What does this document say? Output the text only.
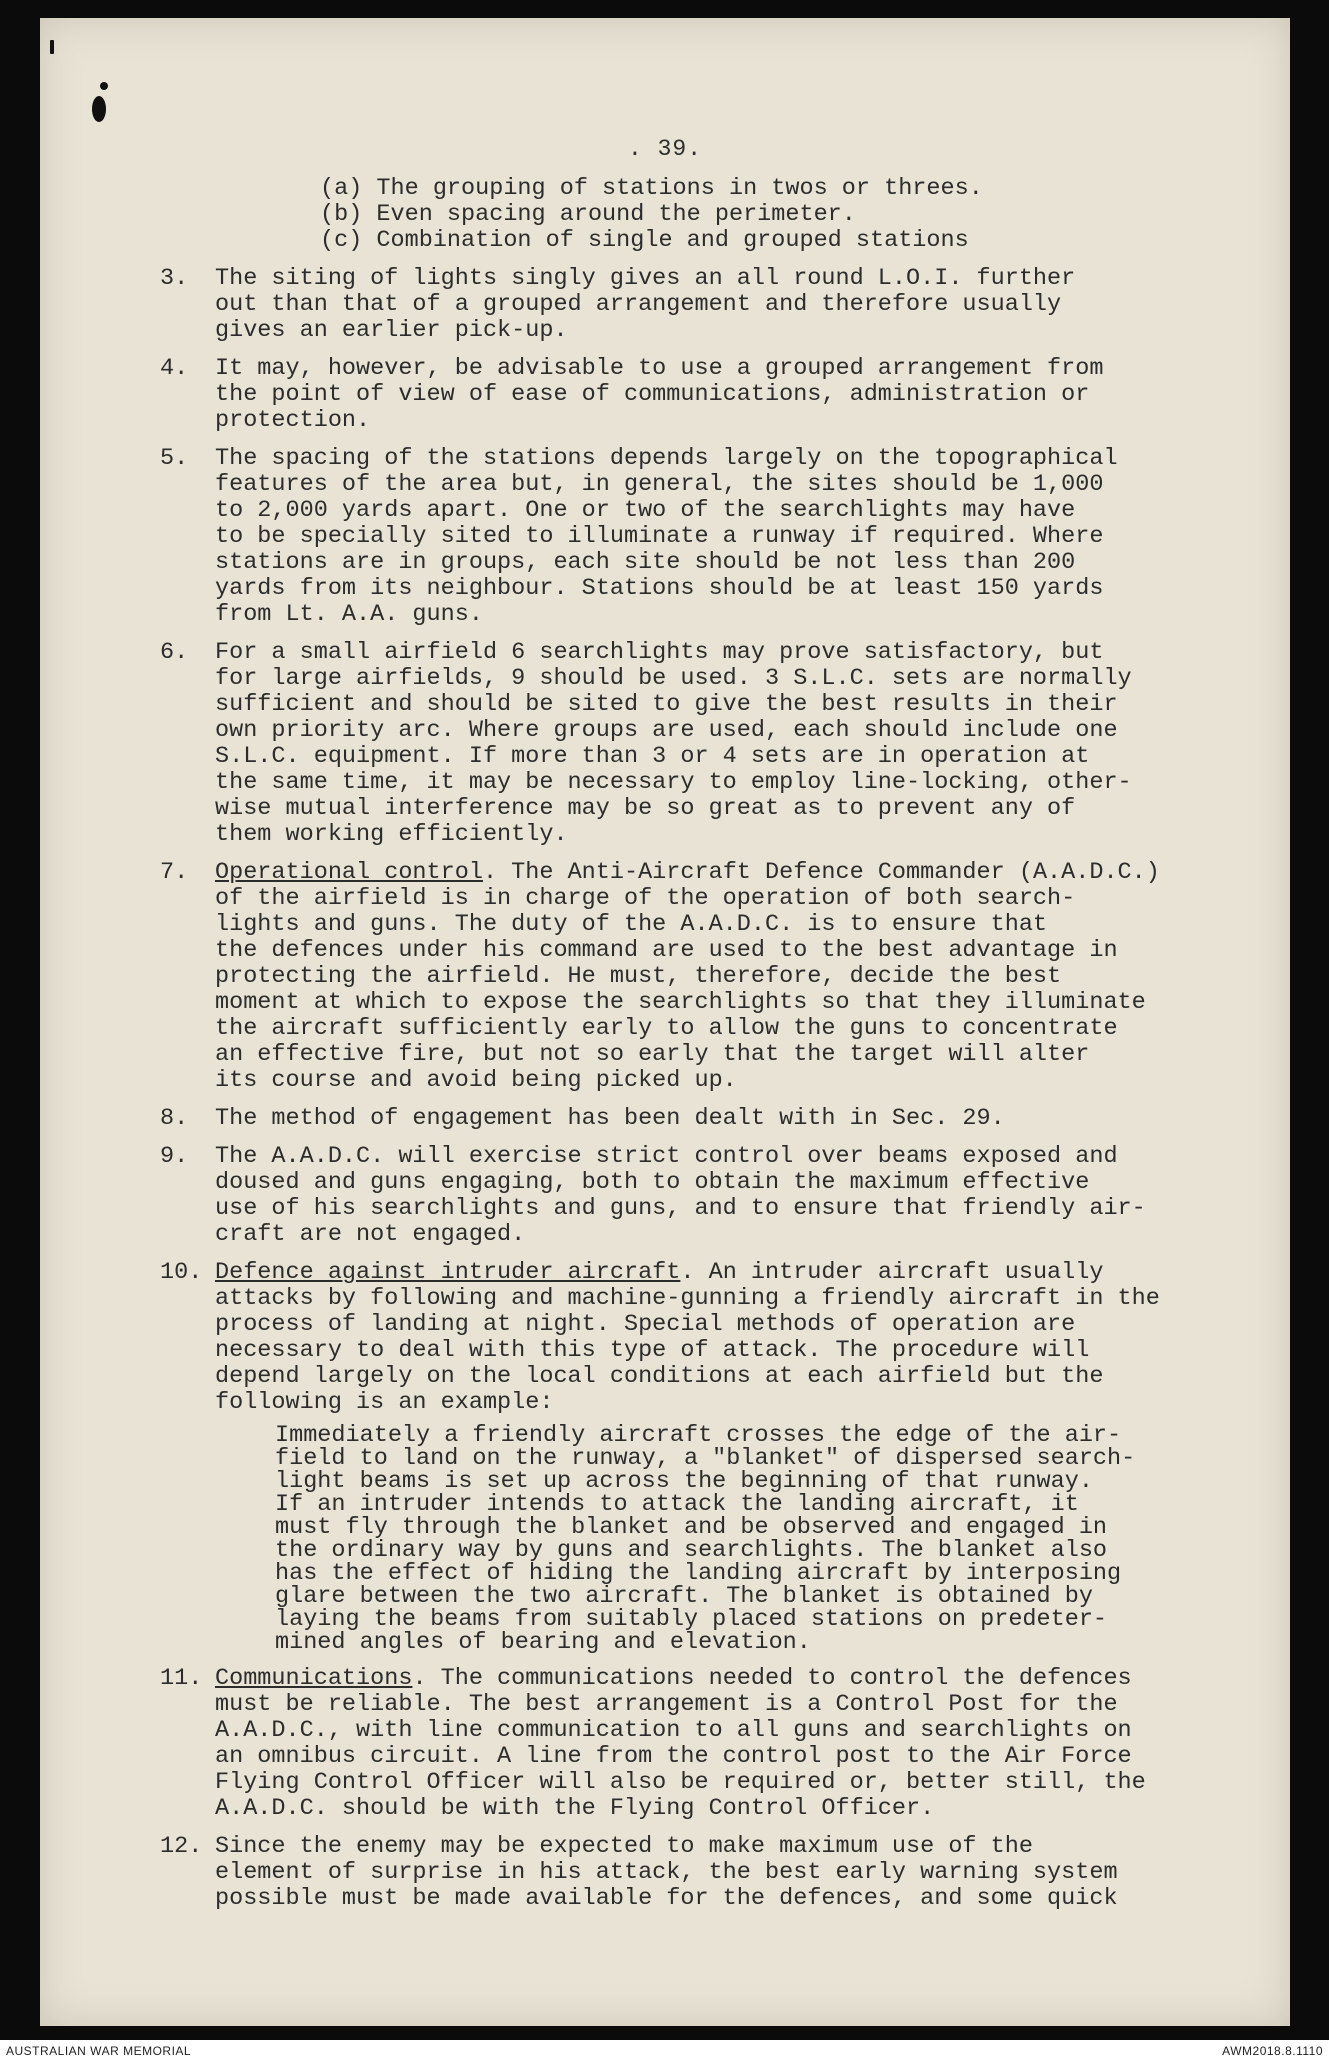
. 39.
(a) The grouping of stations in twos or threes.
(b) Even spacing around the perimeter.
(c) Combination of single and grouped stations
3. The siting of lights singly gives an all round L.O.I. further
out than that of a grouped arrangement and therefore usually
gives an earlier pick-up.
4. It may, however, be advisable to use a grouped arrangement from
the point of view of ease of communications, administration or
protection.
5. The spacing of the stations depends largely on the topographical
features of the area but, in general, the sites should be 1,000
to 2,000 yards apart. One or two of the searchlights may have
to be specially sited to illuminate a runway if required. Where
stations are in groups, each site should be not less than 200
yards from its neighbour. Stations should be at least 150 yards
from Lt. A.A. guns.
6. For a small airfield 6 searchlights may prove satisfactory, but
for large airfields, 9 should be used. 3 S.L.C. sets are normally
sufficient and should be sited to give the best results in their
own priority arc. Where groups are used, each should include one
S.L.C. equipment. If more than 3 or 4 sets are in operation at
the same time, it may be necessary to employ line-locking, other-
wise mutual interference may be so great as to prevent any of
them working efficiently.
7. Operational control. The Anti-Aircraft Defence Commander (A.A.D.C.)
of the airfield is in charge of the operation of both search-
lights and guns. The duty of the A.A.D.C. is to ensure that
the defences under his command are used to the best advantage in
protecting the airfield. He must, therefore, decide the best
moment at which to expose the searchlights so that they illuminate
the aircraft sufficiently early to allow the guns to concentrate
an effective fire, but not so early that the target will alter
its course and avoid being picked up.
8. The method of engagement has been dealt with in Sec. 29.
9. The A.A.D.C. will exercise strict control over beams exposed and
doused and guns engaging, both to obtain the maximum effective
use of his searchlights and guns, and to ensure that friendly air-
craft are not engaged.
10. Defence against intruder aircraft. An intruder aircraft usually
attacks by following and machine-gunning a friendly aircraft in the
process of landing at night. Special methods of operation are
necessary to deal with this type of attack. The procedure will
depend largely on the local conditions at each airfield but the
following is an example:
Immediately a friendly aircraft crosses the edge of the air-
field to land on the runway, a "blanket" of dispersed search-
light beams is set up across the beginning of that runway.
If an intruder intends to attack the landing aircraft, it
must fly through the blanket and be observed and engaged in
the ordinary way by guns and searchlights. The blanket also
has the effect of hiding the landing aircraft by interposing
glare between the two aircraft. The blanket is obtained by
laying the beams from suitably placed stations on predeter-
mined angles of bearing and elevation.
11. Communications. The communications needed to control the defences
must be reliable. The best arrangement is a Control Post for the
A.A.D.C., with line communication to all guns and searchlights on
an omnibus circuit. A line from the control post to the Air Force
Flying Control Officer will also be required or, better still, the
A.A.D.C. should be with the Flying Control Officer.
12. Since the enemy may be expected to make maximum use of the
element of surprise in his attack, the best early warning system
possible must be made available for the defences, and some quick
AUSTRALIAN WAR MEMORIAL	AWM2018.8.1110
